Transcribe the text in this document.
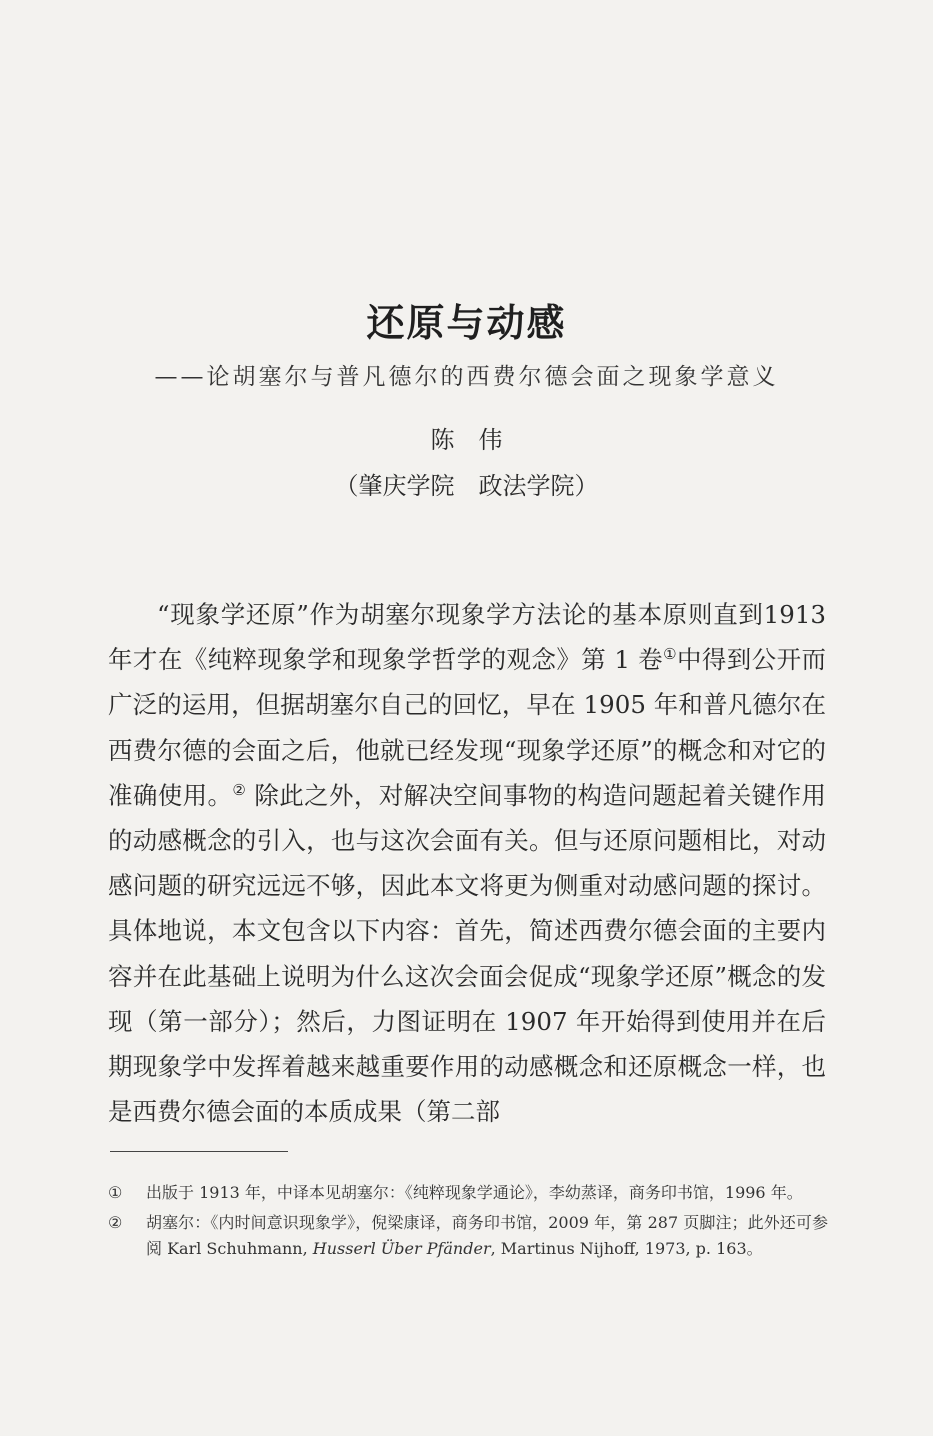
还原与动感
——论胡塞尔与普凡德尔的西费尔德会面之现象学意义
陈　伟
（肇庆学院　政法学院）
“现象学还原”作为胡塞尔现象学方法论的基本原则直到1913 年才在《纯粹现象学和现象学哲学的观念》第 1 卷①中得到公开而广泛的运用，但据胡塞尔自己的回忆，早在 1905 年和普凡德尔在西费尔德的会面之后，他就已经发现“现象学还原”的概念和对它的准确使用。② 除此之外，对解决空间事物的构造问题起着关键作用的动感概念的引入，也与这次会面有关。但与还原问题相比，对动感问题的研究远远不够，因此本文将更为侧重对动感问题的探讨。具体地说，本文包含以下内容：首先，简述西费尔德会面的主要内容并在此基础上说明为什么这次会面会促成“现象学还原”概念的发现（第一部分）；然后，力图证明在 1907 年开始得到使用并在后期现象学中发挥着越来越重要作用的动感概念和还原概念一样，也是西费尔德会面的本质成果（第二部
①	出版于 1913 年，中译本见胡塞尔：《纯粹现象学通论》，李幼蒸译，商务印书馆，1996 年。
②	胡塞尔：《内时间意识现象学》，倪梁康译，商务印书馆，2009 年，第 287 页脚注；此外还可参阅 Karl Schuhmann, Husserl Über Pfänder, Martinus Nijhoff, 1973, p. 163。
